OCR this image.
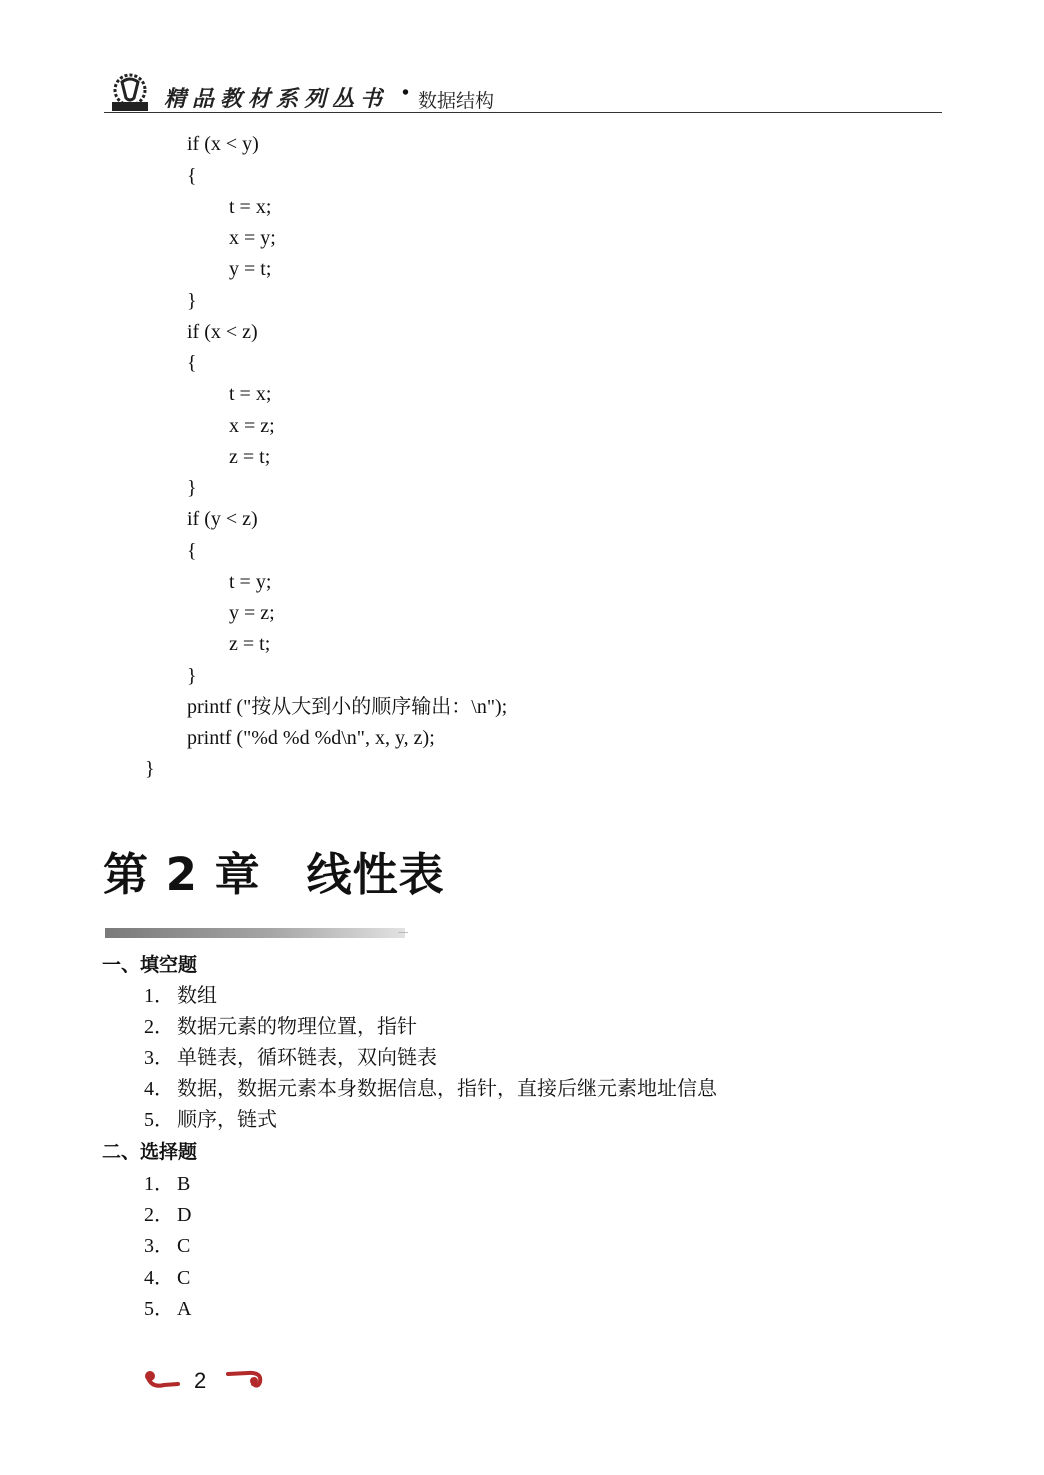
精品教材系列丛书 • 数据结构
if (x < y)
{
t = x;
x = y;
y = t;
}
if (x < z)
{
t = x;
x = z;
z = t;
}
if (y < z)
{
t = y;
y = z;
z = t;
}
printf ("按从大到小的顺序输出：\n");
printf ("%d %d %d\n", x, y, z);
}
第 2 章　线性表
一、填空题
1． 数组
2． 数据元素的物理位置，指针
3． 单链表，循环链表，双向链表
4． 数据，数据元素本身数据信息，指针，直接后继元素地址信息
5． 顺序，链式
二、选择题
1． B
2． D
3． C
4． C
5． A
2
